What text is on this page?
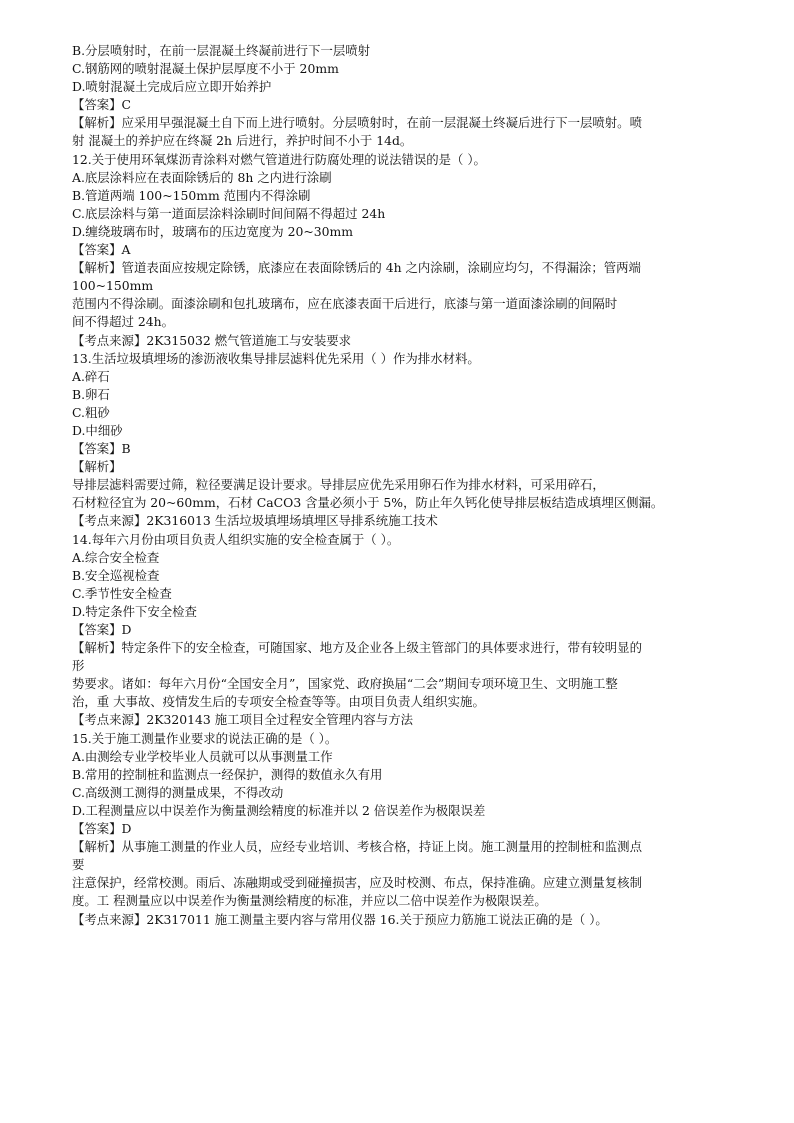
B.分层喷射时，在前一层混凝土终凝前进行下一层喷射
C.钢筋网的喷射混凝土保护层厚度不小于 20mm
D.喷射混凝土完成后应立即开始养护
【答案】C
【解析】应采用早强混凝土自下而上进行喷射。分层喷射时，在前一层混凝土终凝后进行下一层喷射。喷
射 混凝土的养护应在终凝 2h 后进行，养护时间不小于 14d。
12.关于使用环氧煤沥青涂料对燃气管道进行防腐处理的说法错误的是（ ）。
A.底层涂料应在表面除锈后的 8h 之内进行涂刷
B.管道两端 100~150mm 范围内不得涂刷
C.底层涂料与第一道面层涂料涂刷时间间隔不得超过 24h
D.缠绕玻璃布时，玻璃布的压边宽度为 20~30mm
【答案】A
【解析】管道表面应按规定除锈，底漆应在表面除锈后的 4h 之内涂刷，涂刷应均匀，不得漏涂；管两端
100~150mm
范围内不得涂刷。面漆涂刷和包扎玻璃布，应在底漆表面干后进行，底漆与第一道面漆涂刷的间隔时
间不得超过 24h。
【考点来源】2K315032 燃气管道施工与安装要求
13.生活垃圾填埋场的渗沥液收集导排层滤料优先采用（ ）作为排水材料。
A.碎石
B.卵石
C.粗砂
D.中细砂
【答案】B
【解析】
导排层滤料需要过筛，粒径要满足设计要求。导排层应优先采用卵石作为排水材料，可采用碎石，
石材粒径宜为 20~60mm，石材 CaCO3 含量必须小于 5%，防止年久钙化使导排层板结造成填埋区侧漏。
【考点来源】2K316013 生活垃圾填埋场填埋区导排系统施工技术
14.每年六月份由项目负责人组织实施的安全检查属于（ ）。
A.综合安全检查
B.安全巡视检查
C.季节性安全检查
D.特定条件下安全检查
【答案】D
【解析】特定条件下的安全检查，可随国家、地方及企业各上级主管部门的具体要求进行，带有较明显的
形
势要求。诸如：每年六月份“全国安全月”，国家党、政府换届“二会”期间专项环境卫生、文明施工整
治，重 大事故、疫情发生后的专项安全检查等等。由项目负责人组织实施。
【考点来源】2K320143 施工项目全过程安全管理内容与方法
15.关于施工测量作业要求的说法正确的是（ ）。
A.由测绘专业学校毕业人员就可以从事测量工作
B.常用的控制桩和监测点一经保护，测得的数值永久有用
C.高级测工测得的测量成果，不得改动
D.工程测量应以中误差作为衡量测绘精度的标准并以 2 倍误差作为极限误差
【答案】D
【解析】从事施工测量的作业人员，应经专业培训、考核合格，持证上岗。施工测量用的控制桩和监测点
要
注意保护，经常校测。雨后、冻融期或受到碰撞损害，应及时校测、布点，保持准确。应建立测量复核制
度。工 程测量应以中误差作为衡量测绘精度的标准，并应以二倍中误差作为极限误差。
【考点来源】2K317011 施工测量主要内容与常用仪器 16.关于预应力筋施工说法正确的是（ ）。
